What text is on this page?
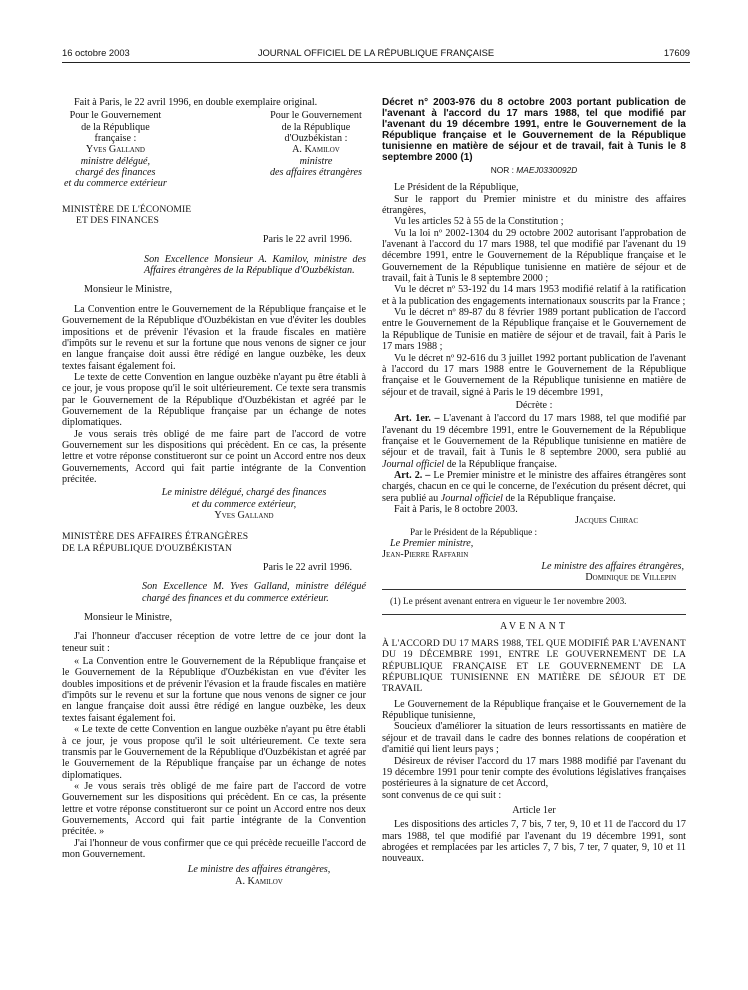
16 octobre 2003	JOURNAL OFFICIEL DE LA RÉPUBLIQUE FRANÇAISE	17609

Fait à Paris, le 22 avril 1996, en double exemplaire original.

Pour le Gouvernement
de la République
française :
Yves Galland
ministre délégué,
chargé des finances
et du commerce extérieur
Pour le Gouvernement
de la République
d'Ouzbékistan :
A. Kamilov
ministre
des affaires étrangères
MINISTÈRE DE L'ÉCONOMIE
ET DES FINANCES

Paris le 22 avril 1996.

Son Excellence Monsieur A. Kamilov, ministre des Affaires étrangères de la République d'Ouzbékistan.

Monsieur le Ministre,

La Convention entre le Gouvernement de la République française et le Gouvernement de la République d'Ouzbékistan en vue d'éviter les doubles impositions et de prévenir l'évasion et la fraude fiscales en matière d'impôts sur le revenu et sur la fortune que nous venons de signer ce jour en langue française doit aussi être rédigé en langue ouzbèke, les deux textes faisant également foi.

Le texte de cette Convention en langue ouzbèke n'ayant pu être établi à ce jour, je vous propose qu'il le soit ultérieurement. Ce texte sera transmis par le Gouvernement de la République d'Ouzbékistan et agréé par le Gouvernement de la République française par un échange de notes diplomatiques.

Je vous serais très obligé de me faire part de l'accord de votre Gouvernement sur les dispositions qui précèdent. En ce cas, la présente lettre et votre réponse constitueront sur ce point un Accord entre nos deux Gouvernements, Accord qui fait partie intégrante de la Convention précitée.

Le ministre délégué, chargé des finances

et du commerce extérieur,

Yves Galland

MINISTÈRE DES AFFAIRES ÉTRANGÈRES
DE LA RÉPUBLIQUE D'OUZBÉKISTAN

Paris le 22 avril 1996.

Son Excellence M. Yves Galland, ministre délégué chargé des finances et du commerce extérieur.

Monsieur le Ministre,

J'ai l'honneur d'accuser réception de votre lettre de ce jour dont la teneur suit :

« La Convention entre le Gouvernement de la République française et le Gouvernement de la République d'Ouzbékistan en vue d'éviter les doubles impositions et de prévenir l'évasion et la fraude fiscales en matière d'impôts sur le revenu et sur la fortune que nous venons de signer ce jour en langue française doit aussi être rédigé en langue ouzbèke, les deux textes faisant également foi.

« Le texte de cette Convention en langue ouzbèke n'ayant pu être établi à ce jour, je vous propose qu'il le soit ultérieurement. Ce texte sera transmis par le Gouvernement de la République d'Ouzbékistan et agréé par le Gouvernement de la République française par un échange de notes diplomatiques.

« Je vous serais très obligé de me faire part de l'accord de votre Gouvernement sur les dispositions qui précèdent. En ce cas, la présente lettre et votre réponse constitueront sur ce point un Accord entre nos deux Gouvernements, Accord qui fait partie intégrante de la Convention précitée. »

J'ai l'honneur de vous confirmer que ce qui précède recueille l'accord de mon Gouvernement.

Le ministre des affaires étrangères,

A. Kamilov

Décret n° 2003-976 du 8 octobre 2003 portant publication de l'avenant à l'accord du 17 mars 1988, tel que modifié par l'avenant du 19 décembre 1991, entre le Gouvernement de la République française et le Gouvernement de la République tunisienne en matière de séjour et de travail, fait à Tunis le 8 septembre 2000 (1)

NOR : MAEJ0330092D

Le Président de la République,

Sur le rapport du Premier ministre et du ministre des affaires étrangères,

Vu les articles 52 à 55 de la Constitution ;

Vu la loi nº 2002-1304 du 29 octobre 2002 autorisant l'approbation de l'avenant à l'accord du 17 mars 1988, tel que modifié par l'avenant du 19 décembre 1991, entre le Gouvernement de la République française et le Gouvernement de la République tunisienne en matière de séjour et de travail, fait à Tunis le 8 septembre 2000 ;

Vu le décret nº 53-192 du 14 mars 1953 modifié relatif à la ratification et à la publication des engagements internationaux souscrits par la France ;

Vu le décret nº 89-87 du 8 février 1989 portant publication de l'accord entre le Gouvernement de la République française et le Gouvernement de la République de Tunisie en matière de séjour et de travail, fait à Paris le 17 mars 1988 ;

Vu le décret nº 92-616 du 3 juillet 1992 portant publication de l'avenant à l'accord du 17 mars 1988 entre le Gouvernement de la République française et le Gouvernement de la République tunisienne en matière de séjour et de travail, signé à Paris le 19 décembre 1991,

Décrète :

Art. 1er. – L'avenant à l'accord du 17 mars 1988, tel que modifié par l'avenant du 19 décembre 1991, entre le Gouvernement de la République française et le Gouvernement de la République tunisienne en matière de séjour et de travail, fait à Tunis le 8 septembre 2000, sera publié au Journal officiel de la République française.

Art. 2. – Le Premier ministre et le ministre des affaires étrangères sont chargés, chacun en ce qui le concerne, de l'exécution du présent décret, qui sera publié au Journal officiel de la République française.

Fait à Paris, le 8 octobre 2003.

Jacques Chirac

Par le Président de la République :

Le Premier ministre,

Jean-Pierre Raffarin

Le ministre des affaires étrangères,

Dominique de Villepin

(1) Le présent avenant entrera en vigueur le 1er novembre 2003.

AVENANT

À L'ACCORD DU 17 MARS 1988, TEL QUE MODIFIÉ PAR L'AVENANT DU 19 DÉCEMBRE 1991, ENTRE LE GOUVERNEMENT DE LA RÉPUBLIQUE FRANÇAISE ET LE GOUVERNEMENT DE LA RÉPUBLIQUE TUNISIENNE EN MATIÈRE DE SÉJOUR ET DE TRAVAIL

Le Gouvernement de la République française et le Gouvernement de la République tunisienne,

Soucieux d'améliorer la situation de leurs ressortissants en matière de séjour et de travail dans le cadre des bonnes relations de coopération et d'amitié qui lient leurs pays ;

Désireux de réviser l'accord du 17 mars 1988 modifié par l'avenant du 19 décembre 1991 pour tenir compte des évolutions législatives françaises postérieures à la signature de cet Accord,

sont convenus de ce qui suit :

Article 1er

Les dispositions des articles 7, 7 bis, 7 ter, 9, 10 et 11 de l'accord du 17 mars 1988, tel que modifié par l'avenant du 19 décembre 1991, sont abrogées et remplacées par les articles 7, 7 bis, 7 ter, 7 quater, 9, 10 et 11 nouveaux.
